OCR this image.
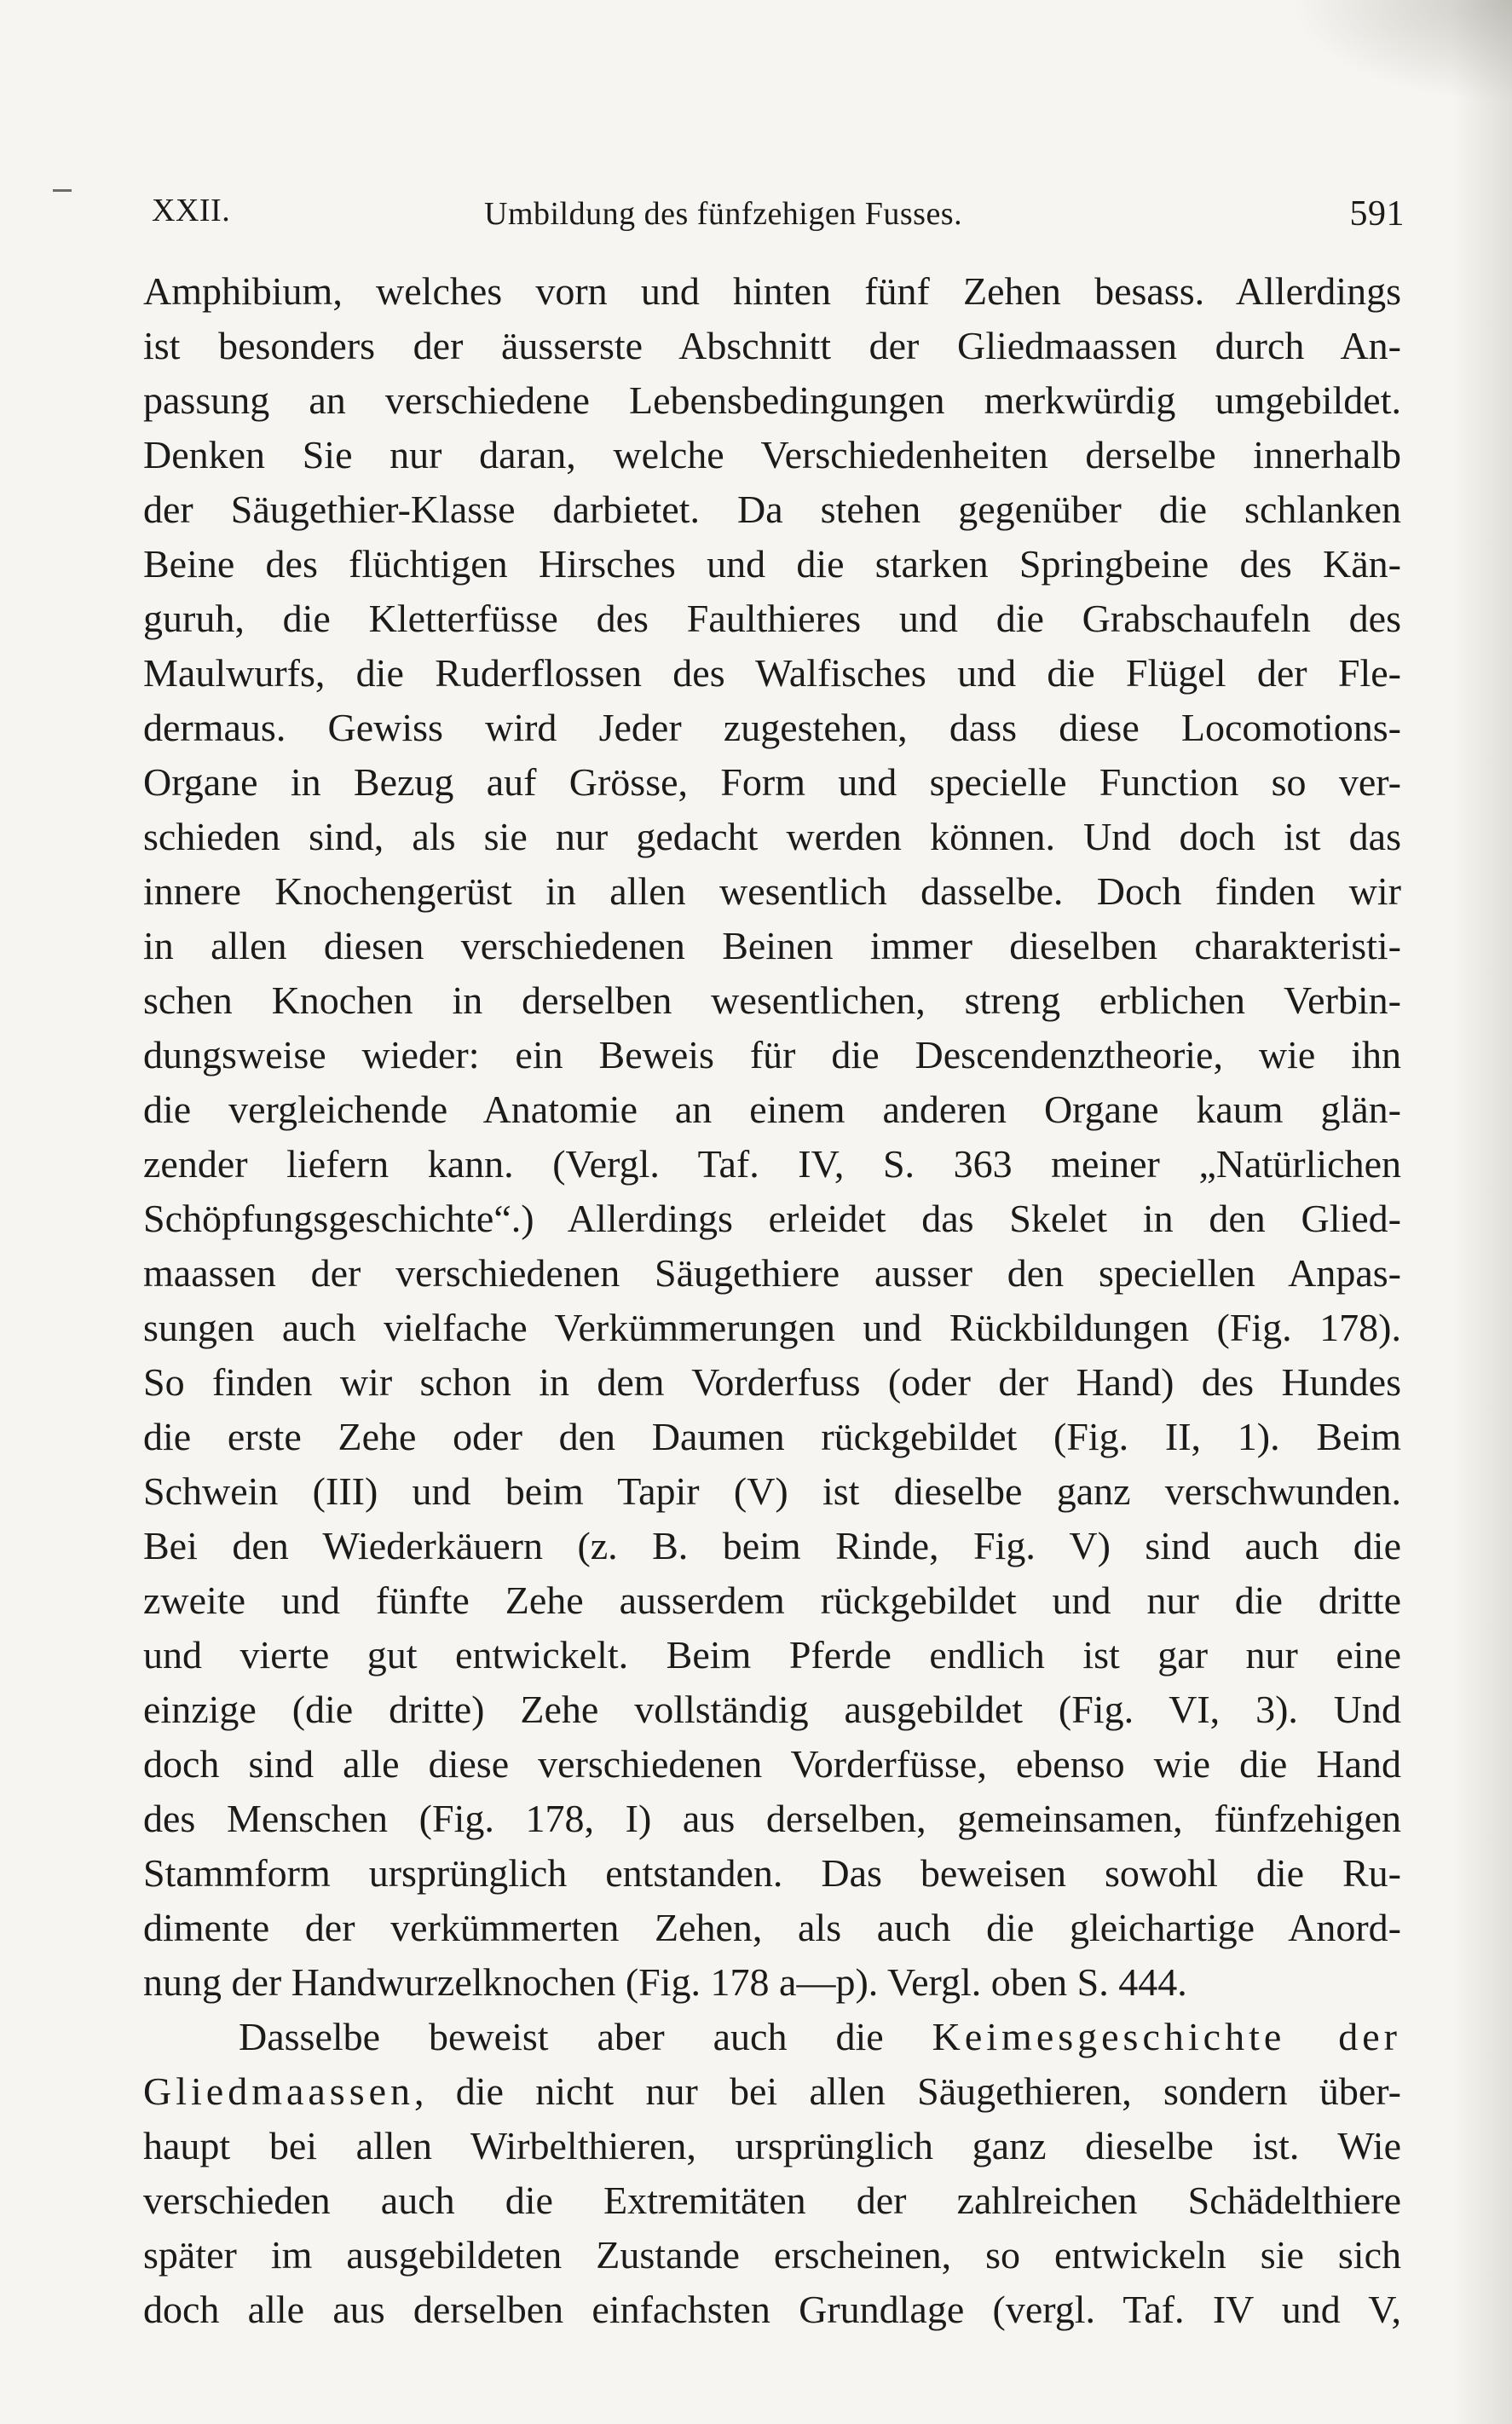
XXII.	Umbildung des fünfzehigen Fusses.	591
Amphibium, welches vorn und hinten fünf Zehen besass. Allerdings
ist besonders der äusserste Abschnitt der Gliedmaassen durch An-
passung an verschiedene Lebensbedingungen merkwürdig umgebildet.
Denken Sie nur daran, welche Verschiedenheiten derselbe innerhalb
der Säugethier-Klasse darbietet. Da stehen gegenüber die schlanken
Beine des flüchtigen Hirsches und die starken Springbeine des Kän-
guruh, die Kletterfüsse des Faulthieres und die Grabschaufeln des
Maulwurfs, die Ruderflossen des Walfisches und die Flügel der Fle-
dermaus. Gewiss wird Jeder zugestehen, dass diese Locomotions-
Organe in Bezug auf Grösse, Form und specielle Function so ver-
schieden sind, als sie nur gedacht werden können. Und doch ist das
innere Knochengerüst in allen wesentlich dasselbe. Doch finden wir
in allen diesen verschiedenen Beinen immer dieselben charakteristi-
schen Knochen in derselben wesentlichen, streng erblichen Verbin-
dungsweise wieder: ein Beweis für die Descendenztheorie, wie ihn
die vergleichende Anatomie an einem anderen Organe kaum glän-
zender liefern kann. (Vergl. Taf. IV, S. 363 meiner „Natürlichen
Schöpfungsgeschichte“.) Allerdings erleidet das Skelet in den Glied-
maassen der verschiedenen Säugethiere ausser den speciellen Anpas-
sungen auch vielfache Verkümmerungen und Rückbildungen (Fig. 178).
So finden wir schon in dem Vorderfuss (oder der Hand) des Hundes
die erste Zehe oder den Daumen rückgebildet (Fig. II, 1). Beim
Schwein (III) und beim Tapir (V) ist dieselbe ganz verschwunden.
Bei den Wiederkäuern (z. B. beim Rinde, Fig. V) sind auch die
zweite und fünfte Zehe ausserdem rückgebildet und nur die dritte
und vierte gut entwickelt. Beim Pferde endlich ist gar nur eine
einzige (die dritte) Zehe vollständig ausgebildet (Fig. VI, 3). Und
doch sind alle diese verschiedenen Vorderfüsse, ebenso wie die Hand
des Menschen (Fig. 178, I) aus derselben, gemeinsamen, fünfzehigen
Stammform ursprünglich entstanden. Das beweisen sowohl die Ru-
dimente der verkümmerten Zehen, als auch die gleichartige Anord-
nung der Handwurzelknochen (Fig. 178 a—p). Vergl. oben S. 444.
Dasselbe beweist aber auch die Keimesgeschichte der
Gliedmaassen, die nicht nur bei allen Säugethieren, sondern über-
haupt bei allen Wirbelthieren, ursprünglich ganz dieselbe ist. Wie
verschieden auch die Extremitäten der zahlreichen Schädelthiere
später im ausgebildeten Zustande erscheinen, so entwickeln sie sich
doch alle aus derselben einfachsten Grundlage (vergl. Taf. IV und V,
